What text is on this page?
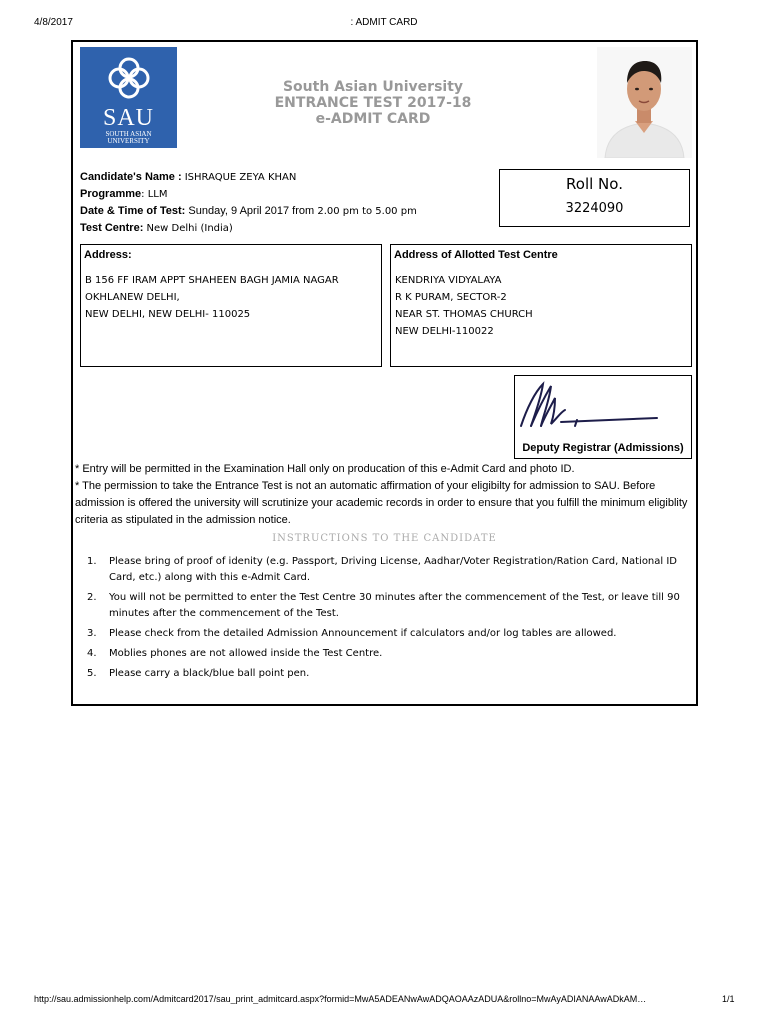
4/8/2017	: ADMIT CARD
SAU
SOUTH ASIAN
UNIVERSITY
South Asian University
ENTRANCE TEST 2017-18
e-ADMIT CARD
Candidate's Name : ISHRAQUE ZEYA KHAN
Programme: LLM
Date & Time of Test: Sunday, 9 April 2017 from 2.00 pm to 5.00 pm
Test Centre: New Delhi (India)
Roll No.
3224090
Address:
B 156 FF IRAM APPT SHAHEEN BAGH JAMIA NAGAR
OKHLANEW DELHI,
NEW DELHI, NEW DELHI- 110025
Address of Allotted Test Centre
KENDRIYA VIDYALAYA
R K PURAM, SECTOR-2
NEAR ST. THOMAS CHURCH
NEW DELHI-110022
Deputy Registrar (Admissions)
* Entry will be permitted in the Examination Hall only on producation of this e-Admit Card and photo ID.
* The permission to take the Entrance Test is not an automatic affirmation of your eligibilty for admission to SAU. Before admission is offered the university will scrutinize your academic records in order to ensure that you fulfill the minimum eligiblity criteria as stipulated in the admission notice.
INSTRUCTIONS TO THE CANDIDATE
1. Please bring of proof of idenity (e.g. Passport, Driving License, Aadhar/Voter Registration/Ration Card, National ID Card, etc.) along with this e-Admit Card.
2. You will not be permitted to enter the Test Centre 30 minutes after the commencement of the Test, or leave till 90 minutes after the commencement of the Test.
3. Please check from the detailed Admission Announcement if calculators and/or log tables are allowed.
4. Moblies phones are not allowed inside the Test Centre.
5. Please carry a black/blue ball point pen.
http://sau.admissionhelp.com/Admitcard2017/sau_print_admitcard.aspx?formid=MwA5ADEANwAwADQAOAAzADUA&rollno=MwAyADIANAAwADkAM…	1/1
